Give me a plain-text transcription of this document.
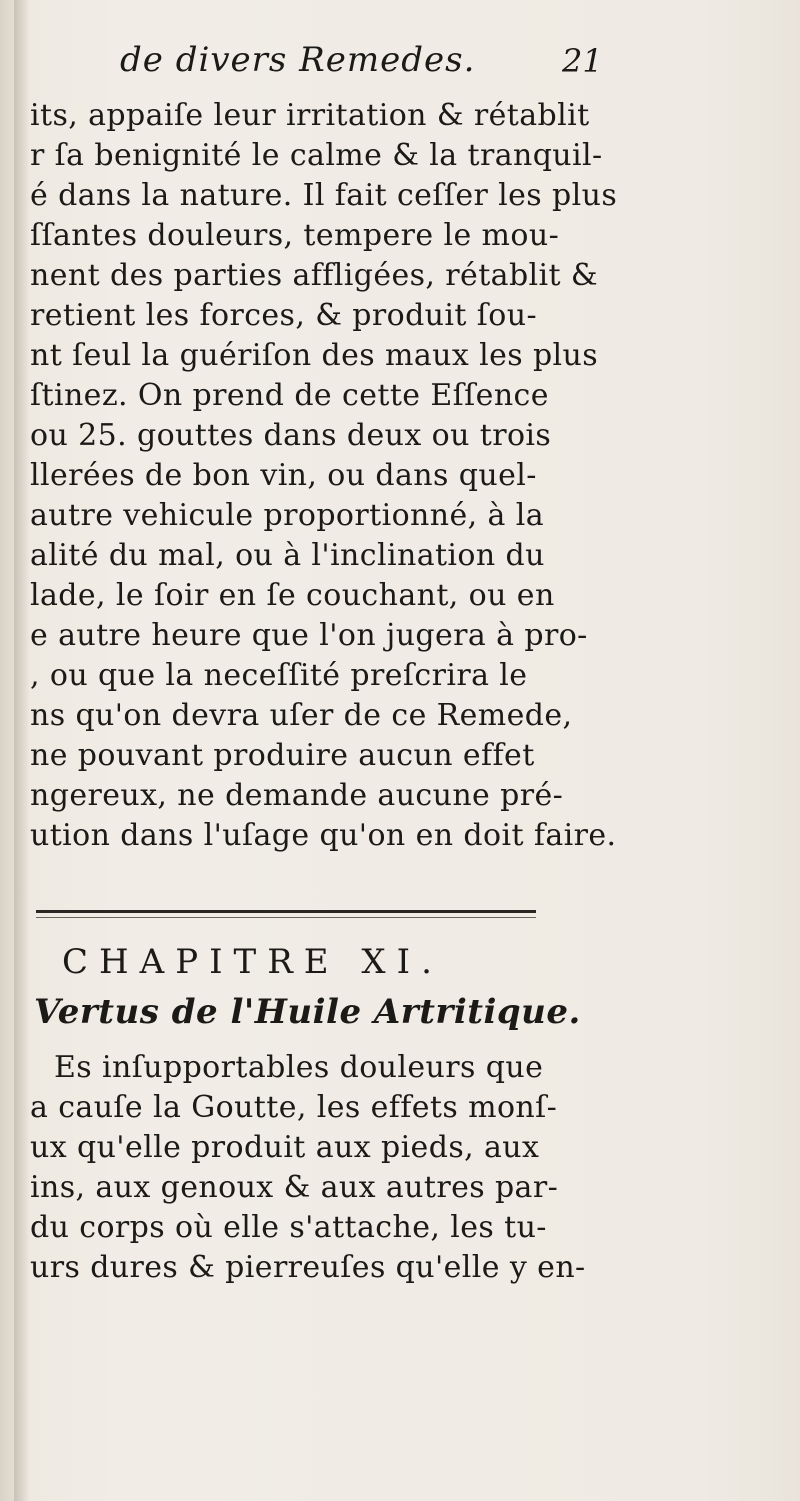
de divers Remedes.	21
its, appaiſe leur irritation & rétablit
r ſa benignité le calme & la tranquil-
é dans la nature. Il fait ceſſer les plus
ſſantes douleurs, tempere le mou-
nent des parties affligées, rétablit &
retient les forces, & produit ſou-
nt ſeul la guériſon des maux les plus
ſtinez. On prend de cette Eſſence
ou 25. gouttes dans deux ou trois
llerées de bon vin, ou dans quel-
autre vehicule proportionné, à la
alité du mal, ou à l'inclination du
lade, le ſoir en ſe couchant, ou en
e autre heure que l'on jugera à pro-
, ou que la neceſſité preſcrira le
ns qu'on devra uſer de ce Remede,
ne pouvant produire aucun effet
ngereux, ne demande aucune pré-
ution dans l'uſage qu'on en doit faire.
CHAPITRE XI.
Vertus de l'Huile Artritique.
Es inſupportables douleurs que
a cauſe la Goutte, les effets monſ-
ux qu'elle produit aux pieds, aux
ins, aux genoux & aux autres par-
du corps où elle s'attache, les tu-
urs dures & pierreuſes qu'elle y en-
